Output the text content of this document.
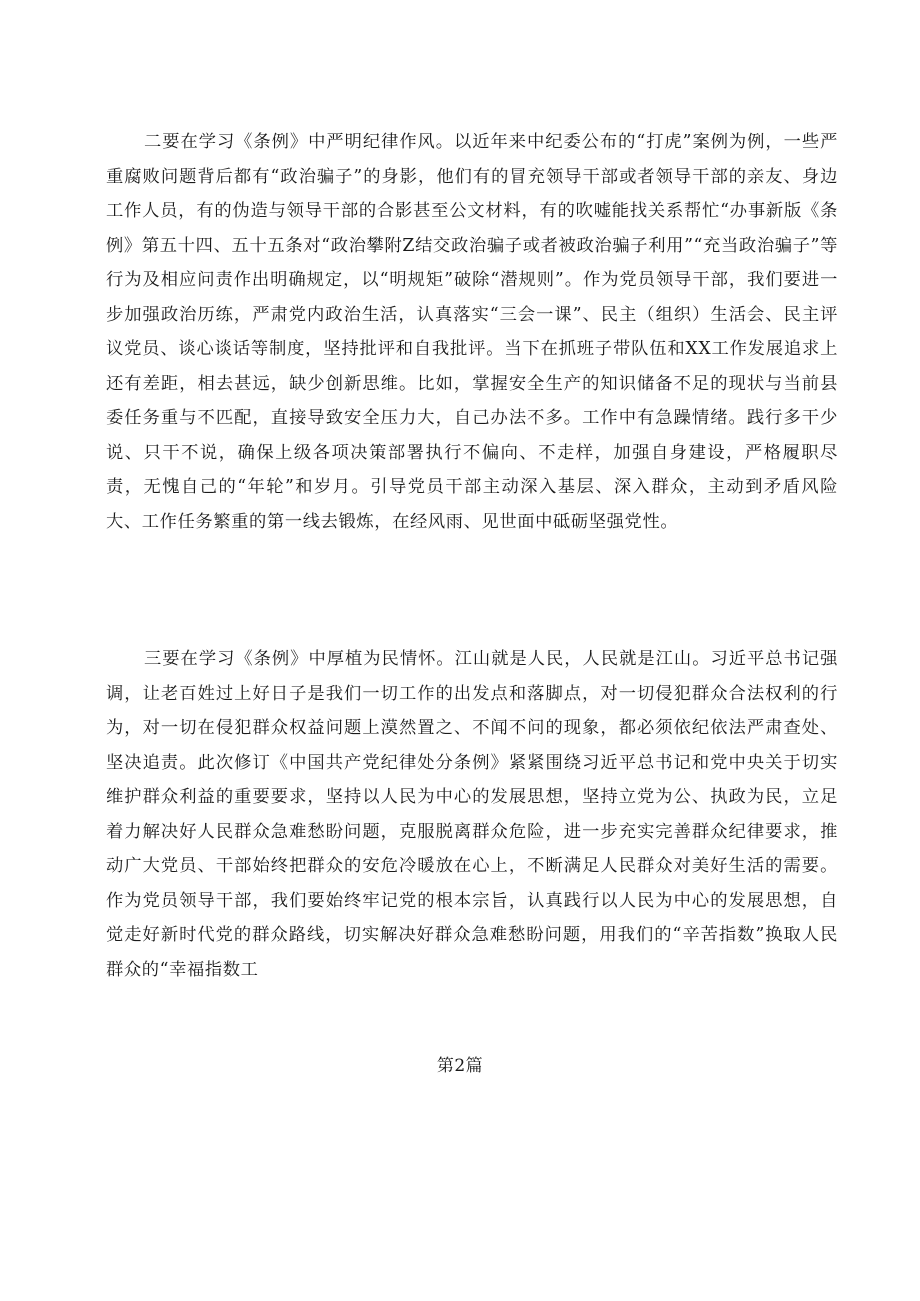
二要在学习《条例》中严明纪律作风。以近年来中纪委公布的“打虎”案例为例，一些严重腐败问题背后都有“政治骗子”的身影，他们有的冒充领导干部或者领导干部的亲友、身边工作人员，有的伪造与领导干部的合影甚至公文材料，有的吹嘘能找关系帮忙“办事新版《条例》第五十四、五十五条对“政治攀附Z结交政治骗子或者被政治骗子利用”“充当政治骗子”等行为及相应问责作出明确规定，以“明规矩”破除“潜规则”。作为党员领导干部，我们要进一步加强政治历练，严肃党内政治生活，认真落实“三会一课”、民主（组织）生活会、民主评议党员、谈心谈话等制度，坚持批评和自我批评。当下在抓班子带队伍和XX工作发展追求上还有差距，相去甚远，缺少创新思维。比如，掌握安全生产的知识储备不足的现状与当前县委任务重与不匹配，直接导致安全压力大，自己办法不多。工作中有急躁情绪。践行多干少说、只干不说，确保上级各项决策部署执行不偏向、不走样，加强自身建设，严格履职尽责，无愧自己的“年轮”和岁月。引导党员干部主动深入基层、深入群众，主动到矛盾风险大、工作任务繁重的第一线去锻炼，在经风雨、见世面中砥砺坚强党性。

三要在学习《条例》中厚植为民情怀。江山就是人民，人民就是江山。习近平总书记强调，让老百姓过上好日子是我们一切工作的出发点和落脚点，对一切侵犯群众合法权利的行为，对一切在侵犯群众权益问题上漠然置之、不闻不问的现象，都必须依纪依法严肃查处、坚决追责。此次修订《中国共产党纪律处分条例》紧紧围绕习近平总书记和党中央关于切实维护群众利益的重要要求，坚持以人民为中心的发展思想，坚持立党为公、执政为民，立足着力解决好人民群众急难愁盼问题，克服脱离群众危险，进一步充实完善群众纪律要求，推动广大党员、干部始终把群众的安危冷暖放在心上，不断满足人民群众对美好生活的需要。作为党员领导干部，我们要始终牢记党的根本宗旨，认真践行以人民为中心的发展思想，自觉走好新时代党的群众路线，切实解决好群众急难愁盼问题，用我们的“辛苦指数”换取人民群众的“幸福指数工

第2篇
